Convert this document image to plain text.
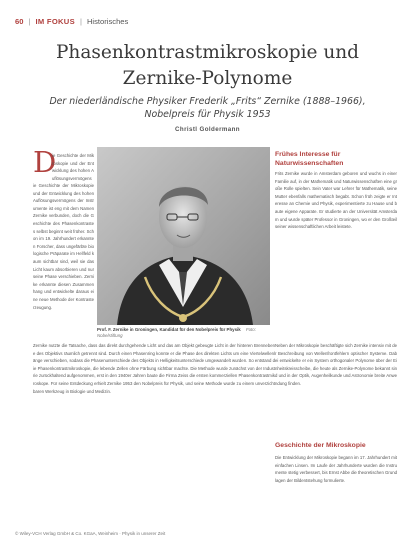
60 | IM FOKUS | Historisches
Phasenkontrastmikroskopie und
Zernike-Polynome
Der niederländische Physiker Frederik „Frits“ Zernike (1888–1966),
Nobelpreis für Physik 1953
Christl Goldermann
D
ie Geschichte der Mikroskopie und der Entwicklung des hohen Auflösungsvermögens
ie Geschichte der Mikroskopie und der Entwicklung des hohen Auflösungsvermögens der Instrumente ist eng mit dem Namen Zernike verbunden, doch die Geschichte des Phasenkontrastes selbst beginnt weit früher. Schon im 19. Jahrhundert erkannten Forscher, dass ungefärbte biologische Präparate im Hellfeld kaum sichtbar sind, weil sie das Licht kaum absorbieren und nur seine Phase verschieben. Zernike erkannte diesen Zusammenhang und entwickelte daraus eine neue Methode der Kontrasterzeugung.
Prof. F. Zernike in Groningen, Kandidat für den Nobelpreis für Physik Foto: Nobelstiftung
Frühes Interesse für Naturwissenschaften
Frits Zernike wurde in Amsterdam geboren und wuchs in einer Familie auf, in der Mathematik und Naturwissenschaften eine große Rolle spielten. Sein Vater war Lehrer für Mathematik, seine Mutter ebenfalls mathematisch begabt. Schon früh zeigte er Interesse an Chemie und Physik, experimentierte zu Hause und baute eigene Apparate. Er studierte an der Universität Amsterdam und wurde später Professor in Groningen, wo er den Großteil seiner wissenschaftlichen Arbeit leistete.
Zernike nutzte die Tatsache, dass das direkt durchgehende Licht und das am Objekt gebeugte Licht in der hinteren Brennebene des Objektivs räumlich getrennt sind. Durch einen Phasenring konnte er die Phase des direkten Lichts um eine Viertelwellenlänge verschieben, sodass die Phasenunterschiede des Objekts in Helligkeitsunterschiede umgewandelt wurden. So entstand die Phasenkontrastmikroskopie, die lebende Zellen ohne Färbung sichtbar machte. Die Methode wurde zunächst von der Industrie zurückhaltend aufgenommen, erst in den 1940er Jahren baute die Firma Zeiss die ersten kommerziellen Phasenkontrastmikroskope. Für seine Entdeckung erhielt Zernike 1953 den Nobelpreis für Physik, und seine Methode wurde zu einem unverzichtbaren Werkzeug in Biologie und Medizin.
Neben der Mikroskopie beschäftigte sich Zernike intensiv mit der Beschreibung von Wellenfrontfehlern optischer Systeme. Dabei entwickelte er ein System orthogonaler Polynome über der Einheitskreisscheibe, die heute als Zernike-Polynome bekannt sind und in der Optik, Augenheilkunde und Astronomie breite Anwendung finden.
Geschichte der Mikroskopie
Die Entwicklung der Mikroskopie begann im 17. Jahrhundert mit einfachen Linsen. Im Laufe der Jahrhunderte wurden die Instrumente stetig verbessert, bis Ernst Abbe die theoretischen Grundlagen der Bildentstehung formulierte.
© Wiley-VCH Verlag GmbH & Co. KGaA, Weinheim · Physik in unserer Zeit
